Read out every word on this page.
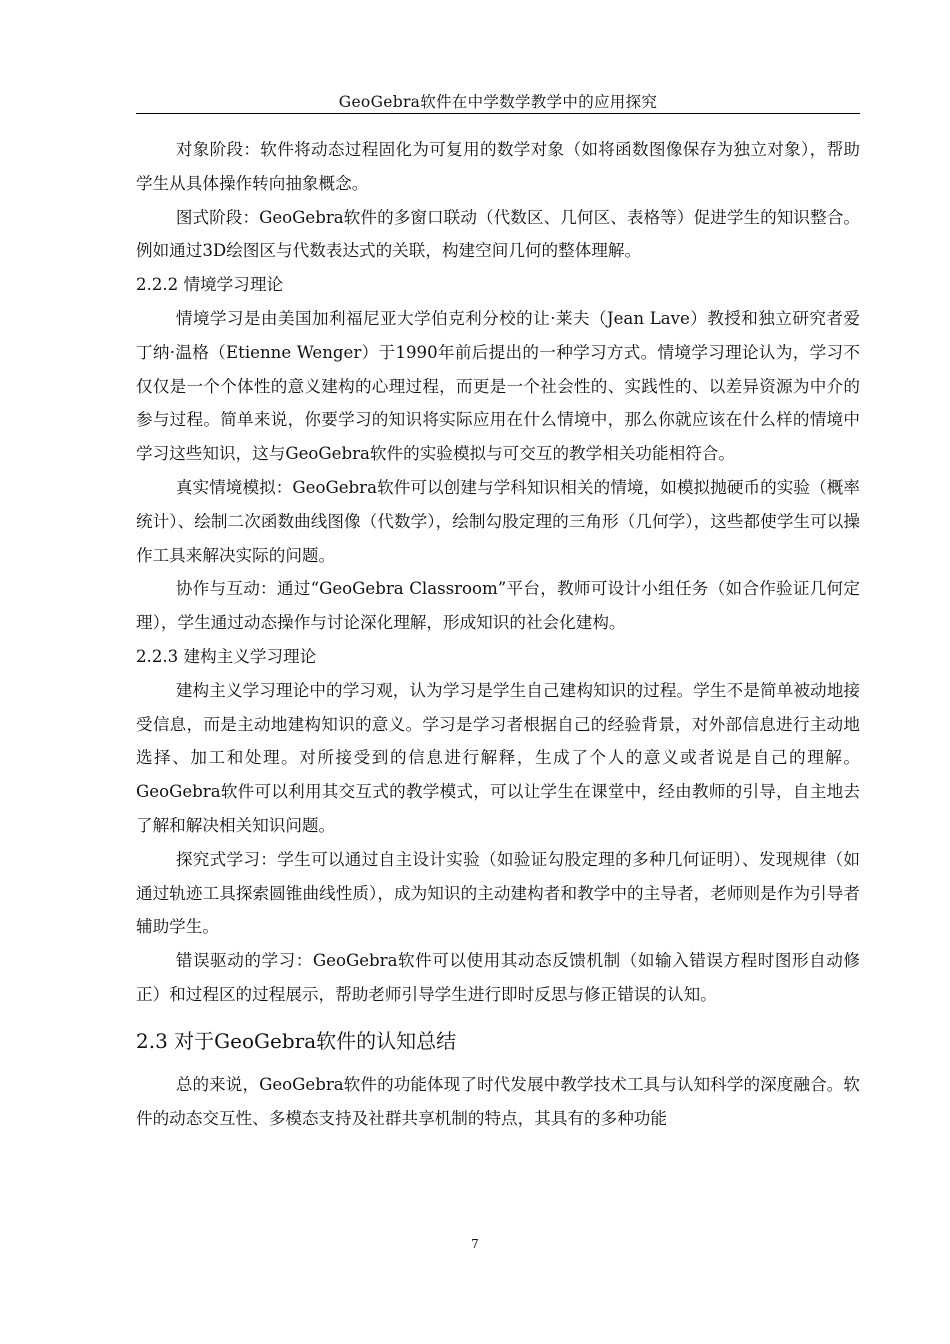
GeoGebra软件在中学数学教学中的应用探究

对象阶段：软件将动态过程固化为可复用的数学对象（如将函数图像保存为独立对象），帮助学生从具体操作转向抽象概念。

图式阶段：GeoGebra软件的多窗口联动（代数区、几何区、表格等）促进学生的知识整合。例如通过3D绘图区与代数表达式的关联，构建空间几何的整体理解。

2.2.2 情境学习理论

情境学习是由美国加利福尼亚大学伯克利分校的让·莱夫（Jean Lave）教授和独立研究者爱丁纳·温格（Etienne Wenger）于1990年前后提出的一种学习方式。情境学习理论认为，学习不仅仅是一个个体性的意义建构的心理过程，而更是一个社会性的、实践性的、以差异资源为中介的参与过程。简单来说，你要学习的知识将实际应用在什么情境中，那么你就应该在什么样的情境中学习这些知识，这与GeoGebra软件的实验模拟与可交互的教学相关功能相符合。

真实情境模拟：GeoGebra软件可以创建与学科知识相关的情境，如模拟抛硬币的实验（概率统计）、绘制二次函数曲线图像（代数学），绘制勾股定理的三角形（几何学），这些都使学生可以操作工具来解决实际的问题。

协作与互动：通过“GeoGebra Classroom”平台，教师可设计小组任务（如合作验证几何定理），学生通过动态操作与讨论深化理解，形成知识的社会化建构。

2.2.3 建构主义学习理论

建构主义学习理论中的学习观，认为学习是学生自己建构知识的过程。学生不是简单被动地接受信息，而是主动地建构知识的意义。学习是学习者根据自己的经验背景，对外部信息进行主动地选择、加工和处理。对所接受到的信息进行解释，生成了个人的意义或者说是自己的理解。GeoGebra软件可以利用其交互式的教学模式，可以让学生在课堂中，经由教师的引导，自主地去了解和解决相关知识问题。

探究式学习：学生可以通过自主设计实验（如验证勾股定理的多种几何证明）、发现规律（如通过轨迹工具探索圆锥曲线性质），成为知识的主动建构者和教学中的主导者，老师则是作为引导者辅助学生。

错误驱动的学习：GeoGebra软件可以使用其动态反馈机制（如输入错误方程时图形自动修正）和过程区的过程展示，帮助老师引导学生进行即时反思与修正错误的认知。

2.3 对于GeoGebra软件的认知总结

总的来说，GeoGebra软件的功能体现了时代发展中教学技术工具与认知科学的深度融合。软件的动态交互性、多模态支持及社群共享机制的特点，其具有的多种功能

7
